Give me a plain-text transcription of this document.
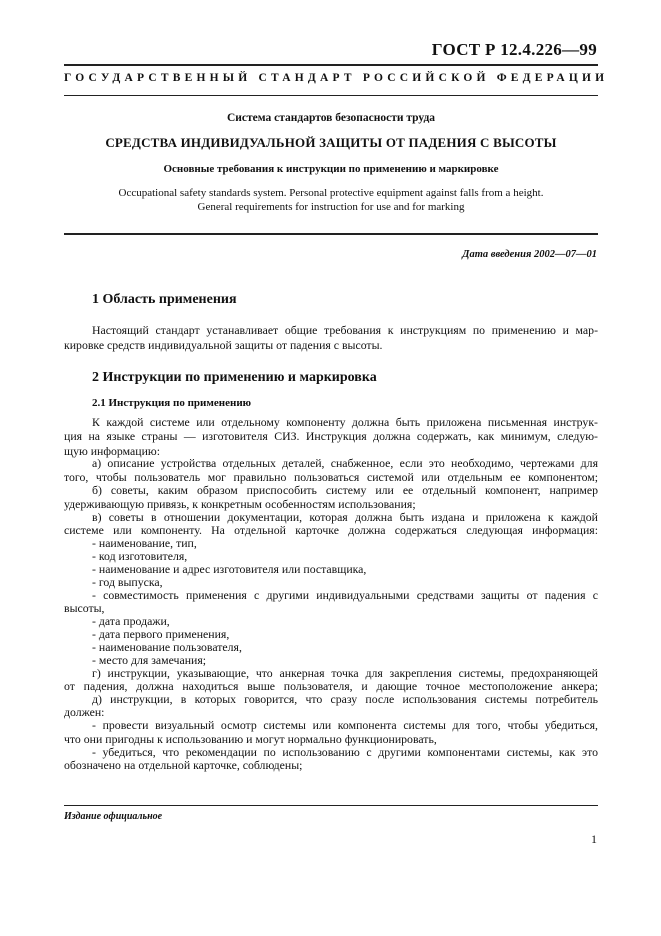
ГОСТ Р 12.4.226—99
ГОСУДАРСТВЕННЫЙ СТАНДАРТ РОССИЙСКОЙ ФЕДЕРАЦИИ
Система стандартов безопасности труда
СРЕДСТВА ИНДИВИДУАЛЬНОЙ ЗАЩИТЫ ОТ ПАДЕНИЯ С ВЫСОТЫ
Основные требования к инструкции по применению и маркировке
Occupational safety standards system. Personal protective equipment against falls from a height.
General requirements for instruction for use and for marking
Дата введения 2002—07—01
1 Область применения
Настоящий стандарт устанавливает общие требования к инструкциям по применению и мар-
кировке средств индивидуальной защиты от падения с высоты.
2 Инструкции по применению и маркировка
2.1 Инструкция по применению
К каждой системе или отдельному компоненту должна быть приложена письменная инструк-
ция на языке страны — изготовителя СИЗ. Инструкция должна содержать, как минимум, следую-
щую информацию:
а) описание устройства отдельных деталей, снабженное, если это необходимо, чертежами для
того, чтобы пользователь мог правильно пользоваться системой или отдельным ее компонентом;
б) советы, каким образом приспособить систему или ее отдельный компонент, например
удерживающую привязь, к конкретным особенностям использования;
в) советы в отношении документации, которая должна быть издана и приложена к каждой
системе или компоненту. На отдельной карточке должна содержаться следующая информация:
- наименование, тип,
- код изготовителя,
- наименование и адрес изготовителя или поставщика,
- год выпуска,
- совместимость применения с другими индивидуальными средствами защиты от падения с
высоты,
- дата продажи,
- дата первого применения,
- наименование пользователя,
- место для замечания;
г) инструкции, указывающие, что анкерная точка для закрепления системы, предохраняющей
от падения, должна находиться выше пользователя, и дающие точное местоположение анкера;
д) инструкции, в которых говорится, что сразу после использования системы потребитель
должен:
- провести визуальный осмотр системы или компонента системы для того, чтобы убедиться,
что они пригодны к использованию и могут нормально функционировать,
- убедиться, что рекомендации по использованию с другими компонентами системы, как это
обозначено на отдельной карточке, соблюдены;
Издание официальное
1
